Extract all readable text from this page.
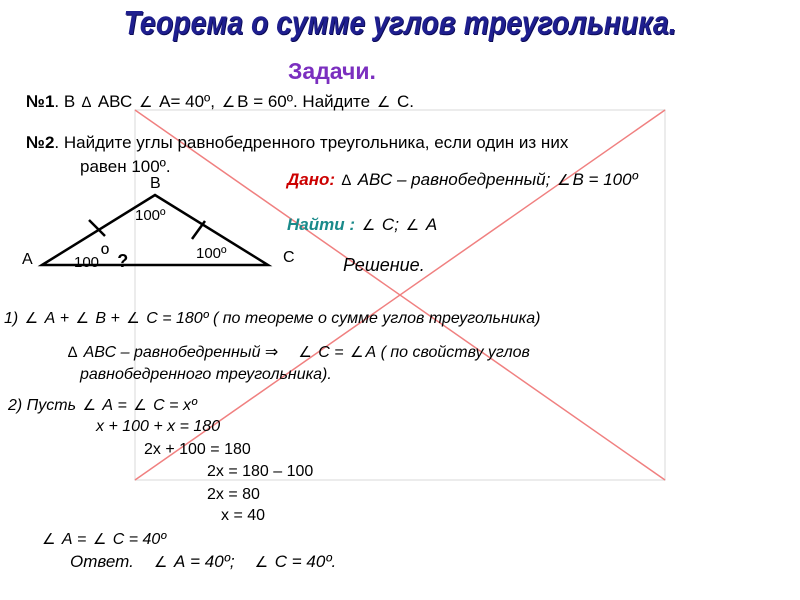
Теорема о сумме углов треугольника.
Задачи.
№1. В ∆ АВС ∠ А= 40º, ∠ В = 60º. Найдите ∠ С.
№2. Найдите углы равнобедренного треугольника, если один из них
равен 100º.
Дано: ∆ АВС – равнобедренный; ∠ В = 100º
Найти : ∠ С; ∠ А
Решение.
В
А	С
100º
100º
100º ?
1) ∠ А + ∠ В + ∠ С = 180º ( по теореме о сумме углов треугольника)
∆ АВС – равнобедренный ⇒ ∠ С = ∠ А ( по свойству углов
равнобедренного треугольника).
2) Пусть ∠ А = ∠ С = xº
x + 100 + x = 180
2x + 100 = 180
2x = 180 – 100
2x = 80
x = 40
∠ А = ∠ С = 40º
Ответ. ∠ А = 40º; ∠ С = 40º.
